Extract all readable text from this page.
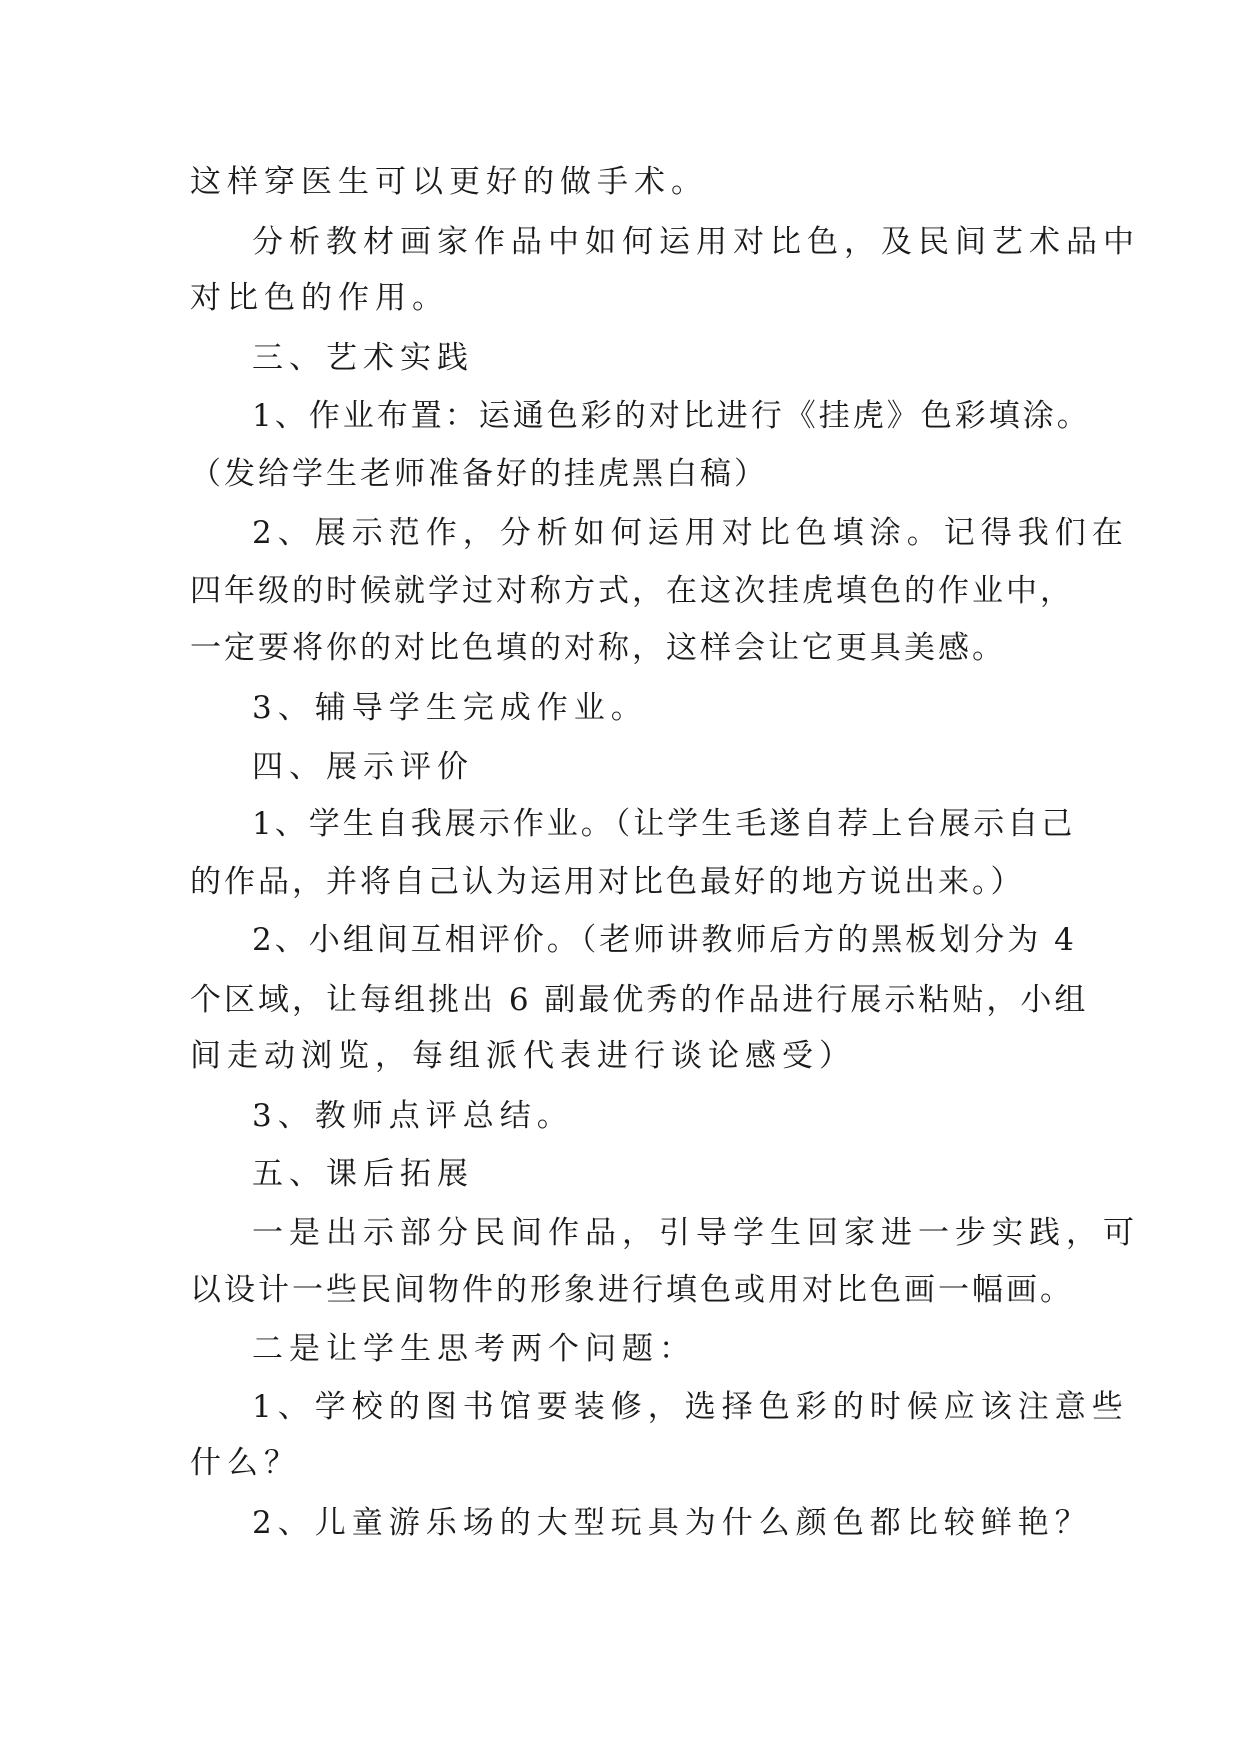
这样穿医生可以更好的做手术。
分析教材画家作品中如何运用对比色，及民间艺术品中
对比色的作用。
三、艺术实践
1、作业布置：运通色彩的对比进行《挂虎》色彩填涂。
（发给学生老师准备好的挂虎黑白稿）
2、展示范作，分析如何运用对比色填涂。记得我们在
四年级的时候就学过对称方式，在这次挂虎填色的作业中，
一定要将你的对比色填的对称，这样会让它更具美感。
3、辅导学生完成作业。
四、展示评价
1、学生自我展示作业。（让学生毛遂自荐上台展示自己
的作品，并将自己认为运用对比色最好的地方说出来。）
2、小组间互相评价。（老师讲教师后方的黑板划分为 4
个区域，让每组挑出 6 副最优秀的作品进行展示粘贴，小组
间走动浏览，每组派代表进行谈论感受）
3、教师点评总结。
五、课后拓展
一是出示部分民间作品，引导学生回家进一步实践，可
以设计一些民间物件的形象进行填色或用对比色画一幅画。
二是让学生思考两个问题：
1、学校的图书馆要装修，选择色彩的时候应该注意些
什么？
2、儿童游乐场的大型玩具为什么颜色都比较鲜艳？
